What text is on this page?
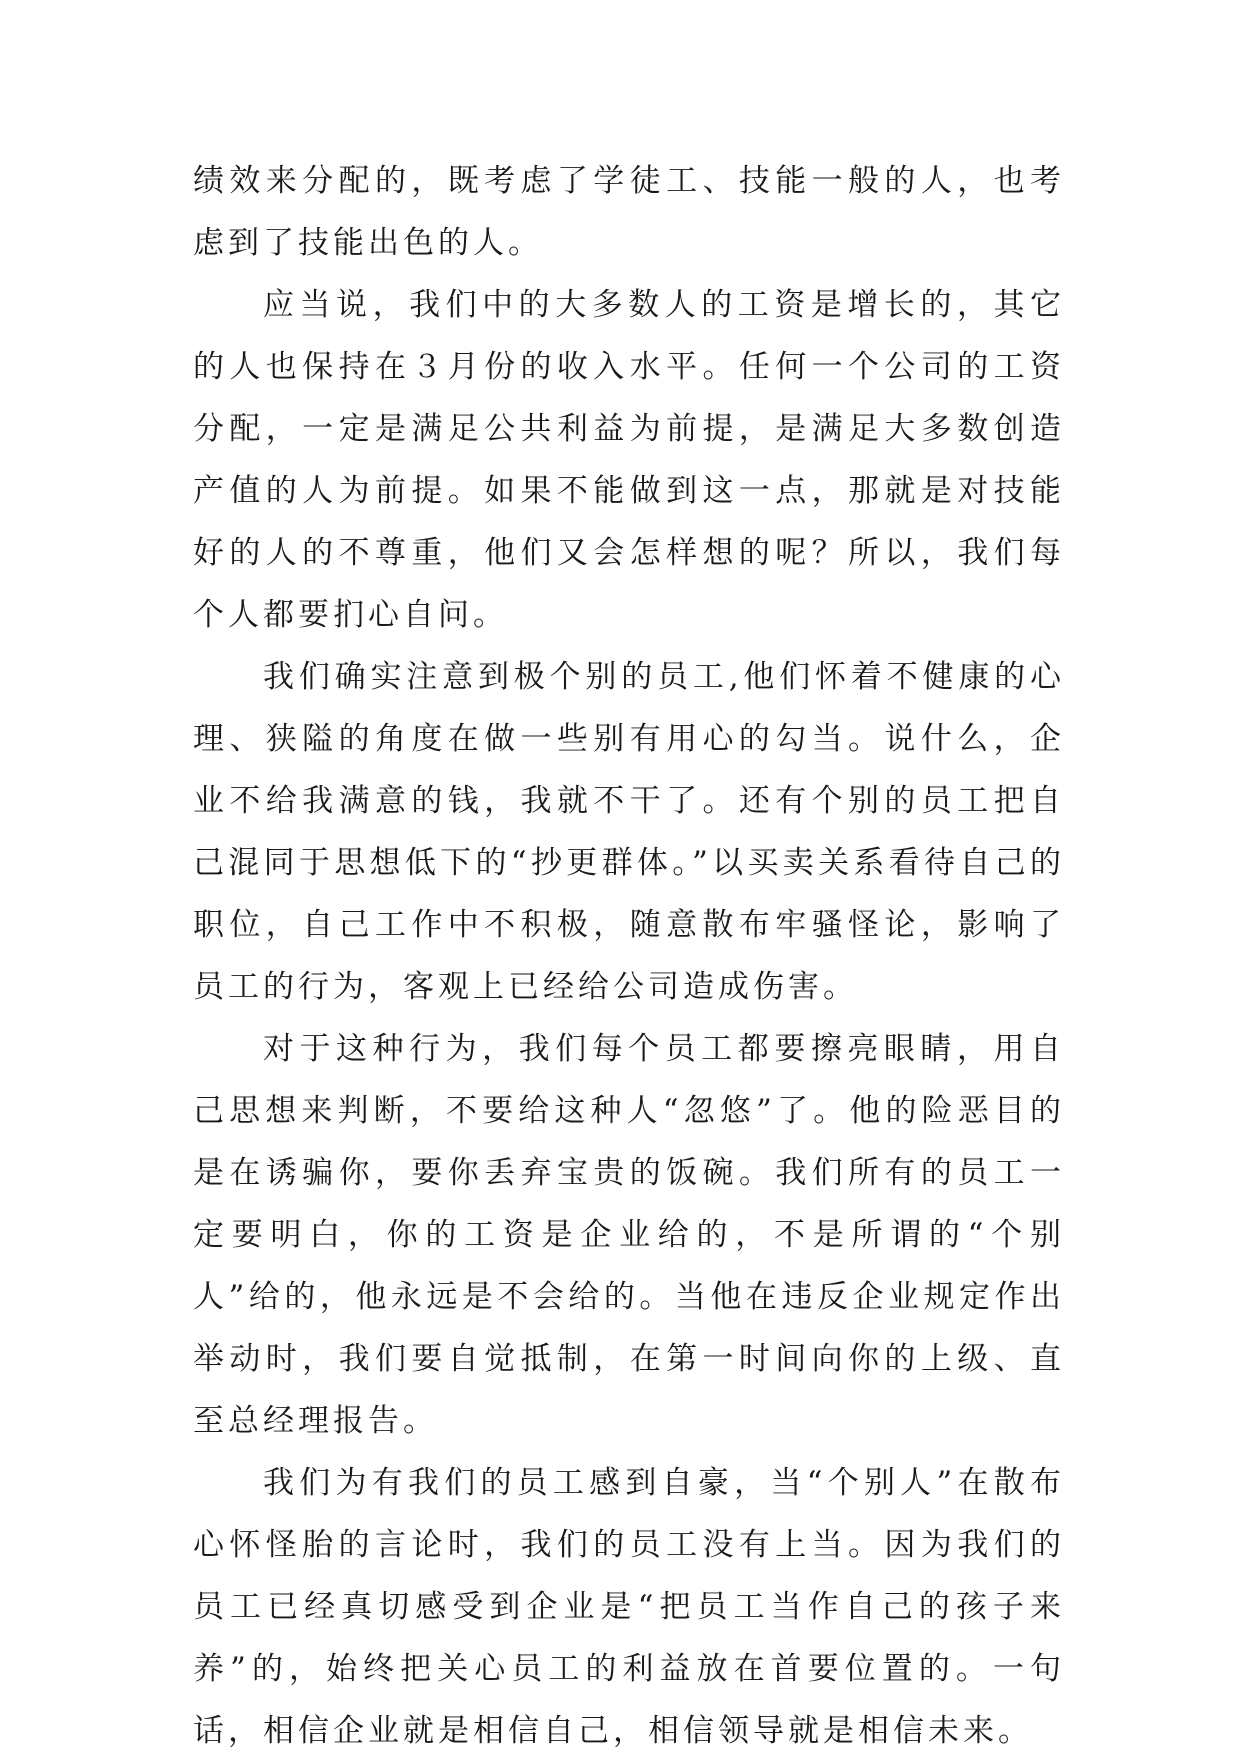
绩效来分配的，既考虑了学徒工、技能一般的人，也考虑到了技能出色的人。

应当说，我们中的大多数人的工资是增长的，其它的人也保持在３月份的收入水平。任何一个公司的工资分配，一定是满足公共利益为前提，是满足大多数创造产值的人为前提。如果不能做到这一点，那就是对技能好的人的不尊重，他们又会怎样想的呢？所以，我们每个人都要扪心自问。

我们确实注意到极个别的员工,他们怀着不健康的心理、狭隘的角度在做一些别有用心的勾当。说什么，企业不给我满意的钱，我就不干了。还有个别的员工把自己混同于思想低下的“抄更群体。”以买卖关系看待自己的职位，自己工作中不积极，随意散布牢骚怪论，影响了员工的行为，客观上已经给公司造成伤害。

对于这种行为，我们每个员工都要擦亮眼睛，用自己思想来判断，不要给这种人“忽悠”了。他的险恶目的是在诱骗你，要你丢弃宝贵的饭碗。我们所有的员工一定要明白，你的工资是企业给的，不是所谓的“个别人”给的，他永远是不会给的。当他在违反企业规定作出举动时，我们要自觉抵制，在第一时间向你的上级、直至总经理报告。

我们为有我们的员工感到自豪，当“个别人”在散布心怀怪胎的言论时，我们的员工没有上当。因为我们的员工已经真切感受到企业是“把员工当作自己的孩子来养”的，始终把关心员工的利益放在首要位置的。一句话，相信企业就是相信自己，相信领导就是相信未来。
